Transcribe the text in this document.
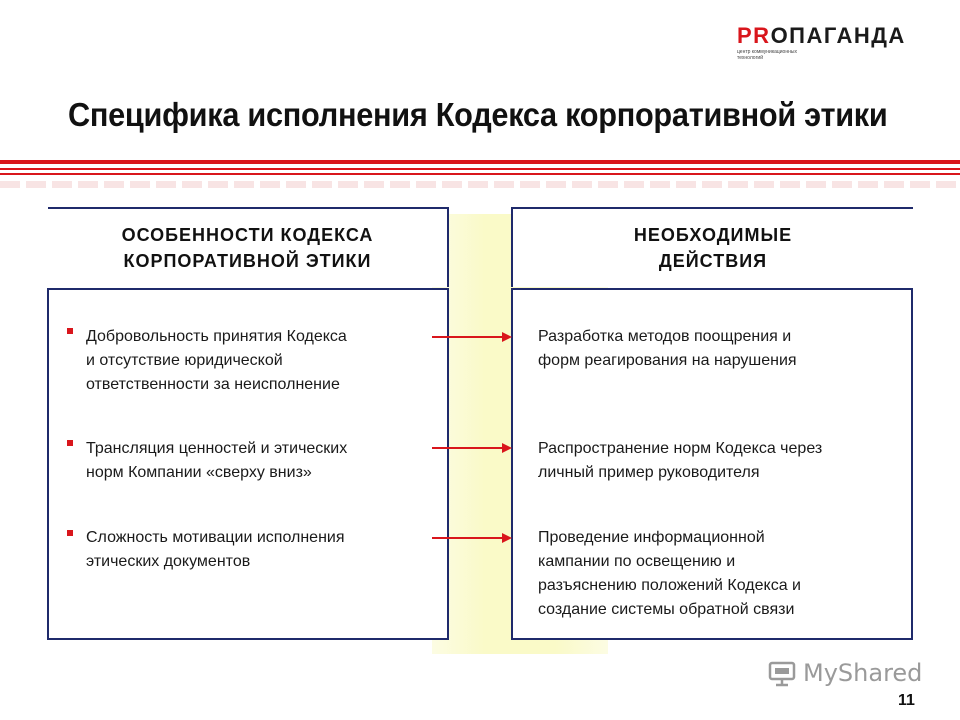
PRОПАГАНДА
центр коммуникационных технологий
Специфика исполнения Кодекса корпоративной этики
ОСОБЕННОСТИ КОДЕКСА
КОРПОРАТИВНОЙ ЭТИКИ
НЕОБХОДИМЫЕ
ДЕЙСТВИЯ
Добровольность принятия Кодекса
и отсутствие юридической
ответственности за неисполнение
Трансляция ценностей и этических
норм Компании «сверху вниз»
Сложность мотивации исполнения
этических документов
Разработка методов поощрения и
форм реагирования на нарушения
Распространение норм Кодекса через
личный пример руководителя
Проведение информационной
кампании по освещению и
разъяснению положений Кодекса и
создание системы обратной связи
MyShared
11
